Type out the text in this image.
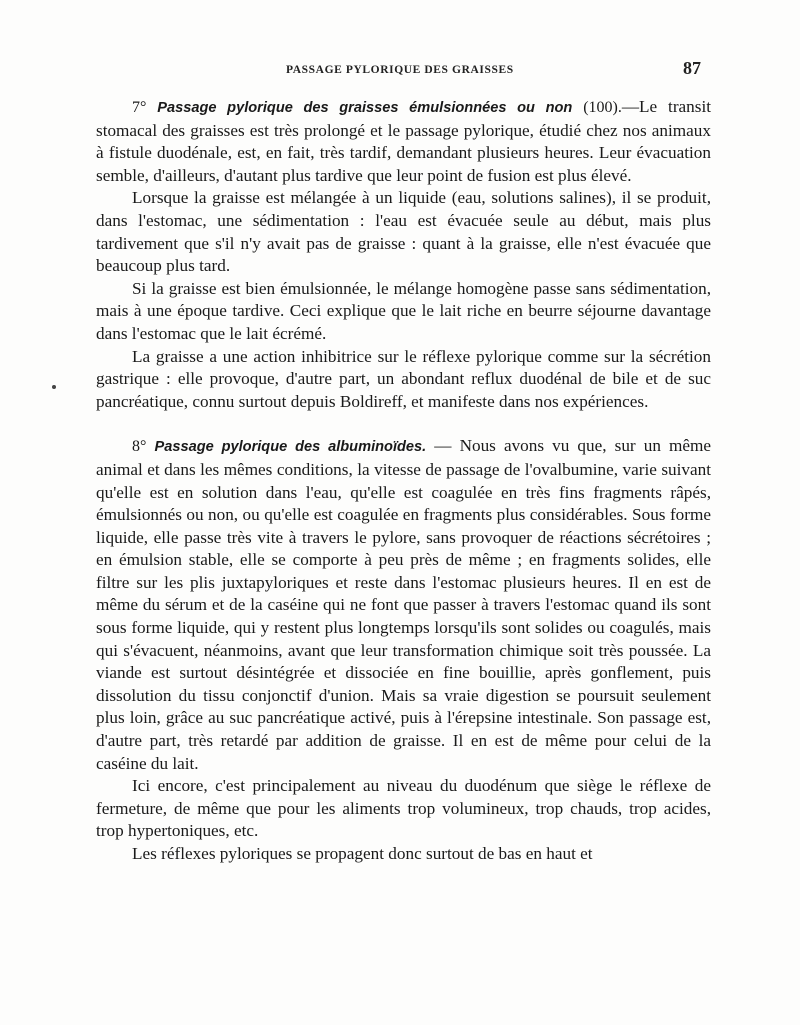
PASSAGE PYLORIQUE DES GRAISSES	87

7° Passage pylorique des graisses émulsionnées ou non (100).—Le transit stomacal des graisses est très prolongé et le passage pylorique, étudié chez nos animaux à fistule duodénale, est, en fait, très tardif, demandant plusieurs heures. Leur évacuation semble, d'ailleurs, d'autant plus tardive que leur point de fusion est plus élevé.

Lorsque la graisse est mélangée à un liquide (eau, solutions salines), il se produit, dans l'estomac, une sédimentation : l'eau est évacuée seule au début, mais plus tardivement que s'il n'y avait pas de graisse : quant à la graisse, elle n'est évacuée que beaucoup plus tard.

Si la graisse est bien émulsionnée, le mélange homogène passe sans sédimentation, mais à une époque tardive. Ceci explique que le lait riche en beurre séjourne davantage dans l'estomac que le lait écrémé.

La graisse a une action inhibitrice sur le réflexe pylorique comme sur la sécrétion gastrique : elle provoque, d'autre part, un abondant reflux duodénal de bile et de suc pancréatique, connu surtout depuis Boldireff, et manifeste dans nos expériences.

8° Passage pylorique des albuminoïdes. — Nous avons vu que, sur un même animal et dans les mêmes conditions, la vitesse de passage de l'ovalbumine, varie suivant qu'elle est en solution dans l'eau, qu'elle est coagulée en très fins fragments râpés, émulsionnés ou non, ou qu'elle est coagulée en fragments plus considérables. Sous forme liquide, elle passe très vite à travers le pylore, sans provoquer de réactions sécrétoires ; en émulsion stable, elle se comporte à peu près de même ; en fragments solides, elle filtre sur les plis juxtapyloriques et reste dans l'estomac plusieurs heures. Il en est de même du sérum et de la caséine qui ne font que passer à travers l'estomac quand ils sont sous forme liquide, qui y restent plus longtemps lorsqu'ils sont solides ou coagulés, mais qui s'évacuent, néanmoins, avant que leur transformation chimique soit très poussée. La viande est surtout désintégrée et dissociée en fine bouillie, après gonflement, puis dissolution du tissu conjonctif d'union. Mais sa vraie digestion se poursuit seulement plus loin, grâce au suc pancréatique activé, puis à l'érepsine intestinale. Son passage est, d'autre part, très retardé par addition de graisse. Il en est de même pour celui de la caséine du lait.

Ici encore, c'est principalement au niveau du duodénum que siège le réflexe de fermeture, de même que pour les aliments trop volumineux, trop chauds, trop acides, trop hypertoniques, etc.

Les réflexes pyloriques se propagent donc surtout de bas en haut et
